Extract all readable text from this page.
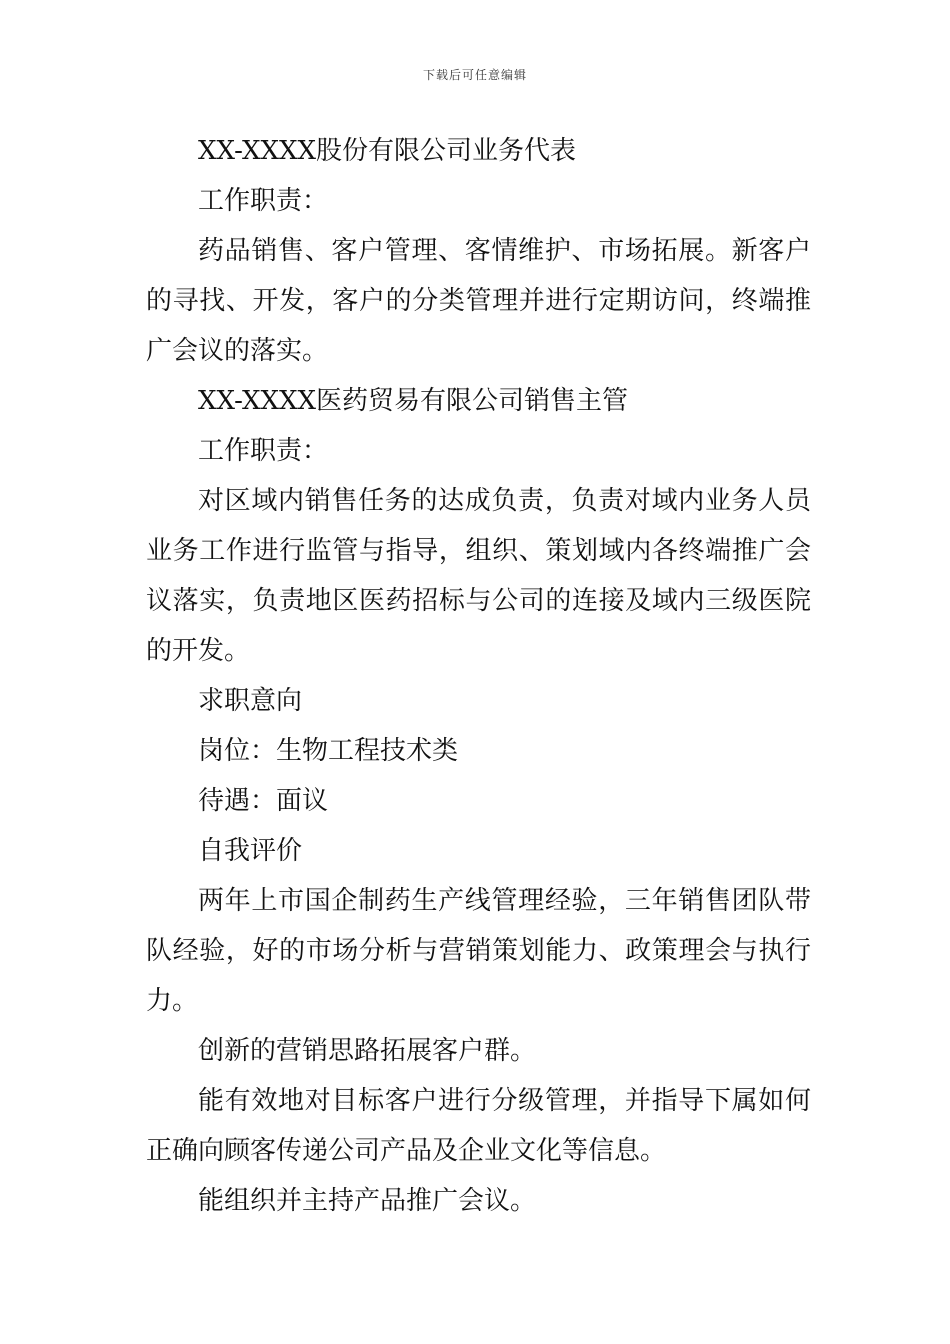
下载后可任意编辑

XX-XXXX股份有限公司业务代表

工作职责：

药品销售、客户管理、客情维护、市场拓展。新客户的寻找、开发，客户的分类管理并进行定期访问，终端推广会议的落实。

XX-XXXX医药贸易有限公司销售主管

工作职责：

对区域内销售任务的达成负责，负责对域内业务人员业务工作进行监管与指导，组织、策划域内各终端推广会议落实，负责地区医药招标与公司的连接及域内三级医院的开发。

求职意向

岗位：生物工程技术类

待遇：面议

自我评价

两年上市国企制药生产线管理经验，三年销售团队带队经验，好的市场分析与营销策划能力、政策理会与执行力。

创新的营销思路拓展客户群。

能有效地对目标客户进行分级管理，并指导下属如何正确向顾客传递公司产品及企业文化等信息。

能组织并主持产品推广会议。
